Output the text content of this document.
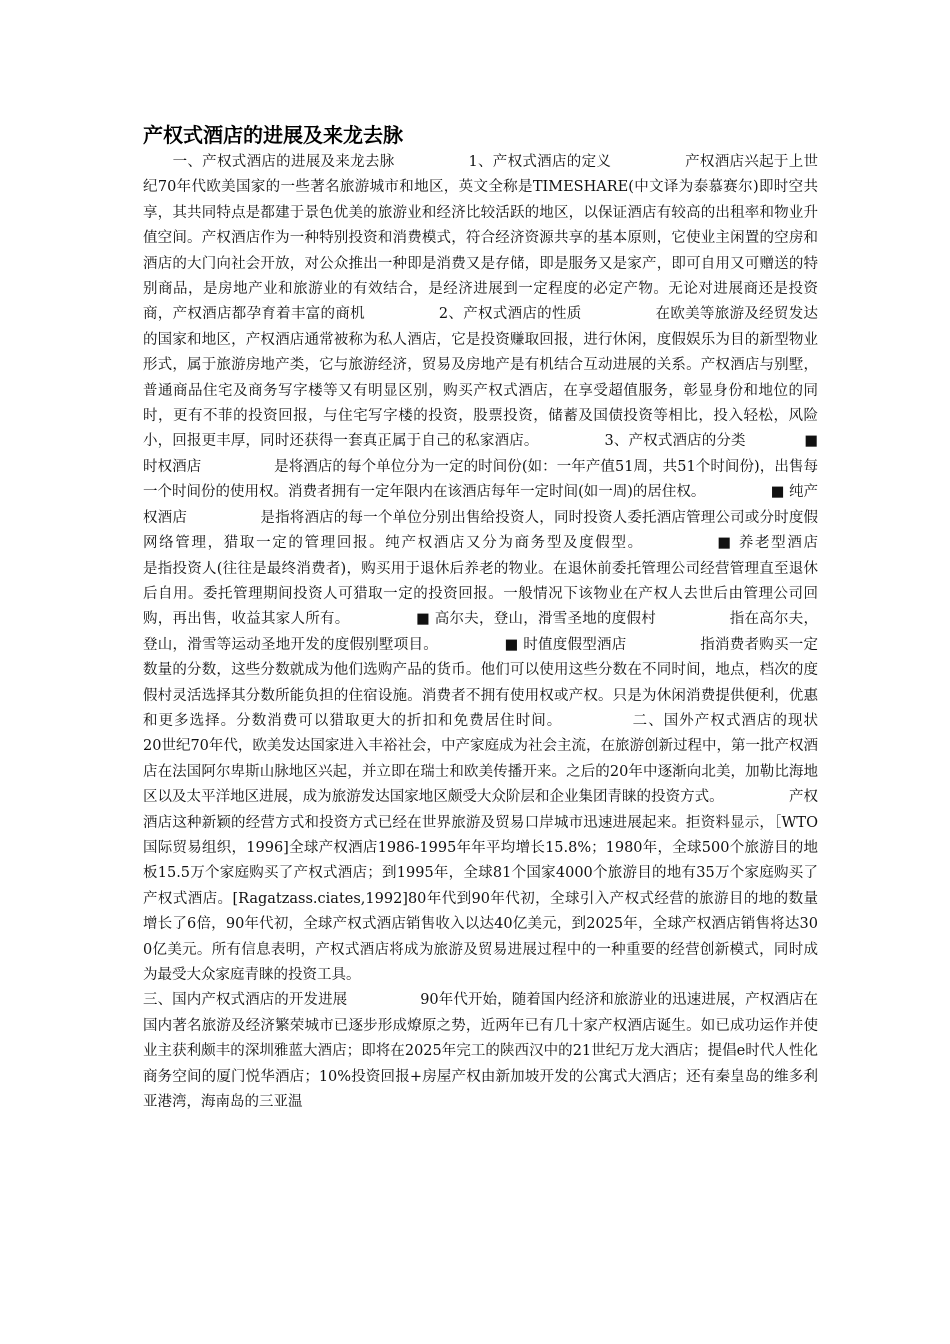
产权式酒店的进展及来龙去脉

　　一、产权式酒店的进展及来龙去脉　　　　　1、产权式酒店的定义　　　　　产权酒店兴起于上世纪70年代欧美国家的一些著名旅游城市和地区，英文全称是TIMESHARE(中文译为泰慕赛尔)即时空共享，其共同特点是都建于景色优美的旅游业和经济比较活跃的地区，以保证酒店有较高的出租率和物业升值空间。产权酒店作为一种特别投资和消费模式，符合经济资源共享的基本原则，它使业主闲置的空房和酒店的大门向社会开放，对公众推出一种即是消费又是存储，即是服务又是家产，即可自用又可赠送的特别商品，是房地产业和旅游业的有效结合，是经济进展到一定程度的必定产物。无论对进展商还是投资商，产权酒店都孕育着丰富的商机　　　　　2、产权式酒店的性质　　　　　在欧美等旅游及经贸发达的国家和地区，产权酒店通常被称为私人酒店，它是投资赚取回报，进行休闲，度假娱乐为目的新型物业形式，属于旅游房地产类，它与旅游经济，贸易及房地产是有机结合互动进展的关系。产权酒店与别墅，普通商品住宅及商务写字楼等又有明显区别，购买产权式酒店，在享受超值服务，彰显身份和地位的同时，更有不菲的投资回报，与住宅写字楼的投资，股票投资，储蓄及国债投资等相比，投入轻松，风险小，回报更丰厚，同时还获得一套真正属于自己的私家酒店。　　　　　3、产权式酒店的分类　　　　■ 时权酒店　　　　　是将酒店的每个单位分为一定的时间份(如：一年产值51周，共51个时间份)，出售每一个时间份的使用权。消费者拥有一定年限内在该酒店每年一定时间(如一周)的居住权。　　　　　■ 纯产权酒店　　　　　是指将酒店的每一个单位分别出售给投资人，同时投资人委托酒店管理公司或分时度假网络管理，猎取一定的管理回报。纯产权酒店又分为商务型及度假型。　　　　　■ 养老型酒店　　　　　是指投资人(往往是最终消费者)，购买用于退休后养老的物业。在退休前委托管理公司经营管理直至退休后自用。委托管理期间投资人可猎取一定的投资回报。一般情况下该物业在产权人去世后由管理公司回购，再出售，收益其家人所有。　　　　　■ 高尔夫，登山，滑雪圣地的度假村　　　　　指在高尔夫，登山，滑雪等运动圣地开发的度假别墅项目。　　　　　■ 时值度假型酒店　　　　　指消费者购买一定数量的分数，这些分数就成为他们选购产品的货币。他们可以使用这些分数在不同时间，地点，档次的度假村灵活选择其分数所能负担的住宿设施。消费者不拥有使用权或产权。只是为休闲消费提供便利，优惠和更多选择。分数消费可以猎取更大的折扣和免费居住时间。　　　　　二、国外产权式酒店的现状　　　　　20世纪70年代，欧美发达国家进入丰裕社会，中产家庭成为社会主流，在旅游创新过程中，第一批产权酒店在法国阿尔卑斯山脉地区兴起，并立即在瑞士和欧美传播开来。之后的20年中逐渐向北美，加勒比海地区以及太平洋地区进展，成为旅游发达国家地区颇受大众阶层和企业集团青睐的投资方式。　　　　　产权酒店这种新颖的经营方式和投资方式已经在世界旅游及贸易口岸城市迅速进展起来。拒资料显示，［WTO国际贸易组织，1996]全球产权酒店1986-1995年年平均增长15.8%；1980年，全球500个旅游目的地板15.5万个家庭购买了产权式酒店；到1995年，全球81个国家4000个旅游目的地有35万个家庭购买了产权式酒店。[Ragatzass.ciates,1992]80年代到90年代初，全球引入产权式经营的旅游目的地的数量增长了6倍，90年代初，全球产权式酒店销售收入以达40亿美元，到2025年，全球产权酒店销售将达300亿美元。所有信息表明，产权式酒店将成为旅游及贸易进展过程中的一种重要的经营创新模式，同时成为最受大众家庭青睐的投资工具。

三、国内产权式酒店的开发进展　　　　　90年代开始，随着国内经济和旅游业的迅速进展，产权酒店在国内著名旅游及经济繁荣城市已逐步形成燎原之势，近两年已有几十家产权酒店诞生。如已成功运作并使业主获利颇丰的深圳雅蓝大酒店；即将在2025年完工的陕西汉中的21世纪万龙大酒店；提倡e时代人性化商务空间的厦门悦华酒店；10%投资回报+房屋产权由新加坡开发的公寓式大酒店；还有秦皇岛的维多利亚港湾，海南岛的三亚温
